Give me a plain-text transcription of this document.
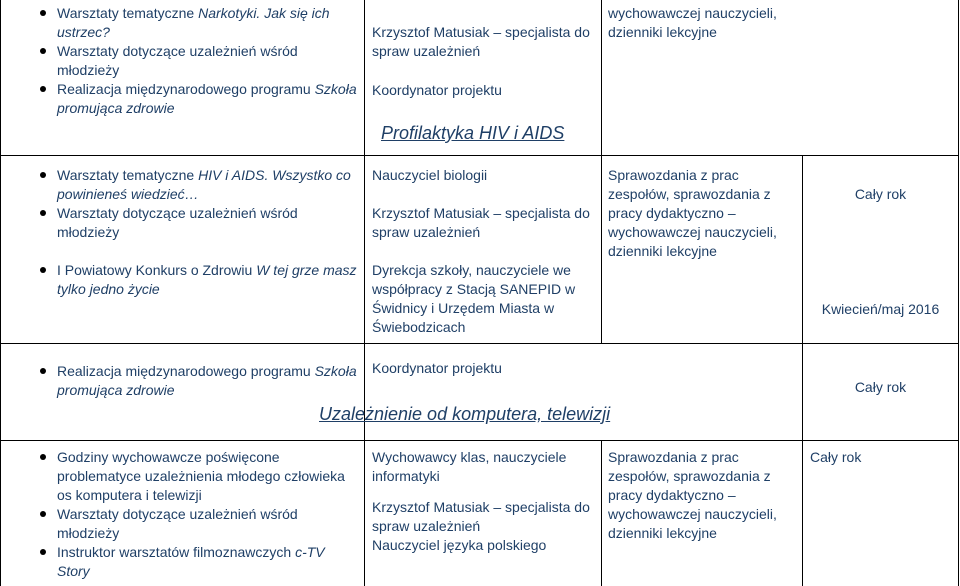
Warsztaty tematyczne Narkotyki. Jak się ich ustrzec?
Warsztaty dotyczące uzależnień wśród młodzieży
Realizacja międzynarodowego programu Szkoła promująca zdrowie

Krzysztof Matusiak – specjalista do spraw uzależnień

Koordynator projektu

wychowawczej nauczycieli, dzienniki lekcyjne

Profilaktyka HIV i AIDS
Warsztaty tematyczne HIV i AIDS. Wszystko co powinieneś wiedzieć…
Warsztaty dotyczące uzależnień wśród młodzieży
I Powiatowy Konkurs o Zdrowiu W tej grze masz tylko jedno życie

Nauczyciel biologii

Krzysztof Matusiak – specjalista do spraw uzależnień

Dyrekcja szkoły, nauczyciele we współpracy z Stacją SANEPID w Świdnicy i Urzędem Miasta w Świebodzicach

Sprawozdania z prac zespołów, sprawozdania z pracy dydaktyczno – wychowawczej nauczycieli, dzienniki lekcyjne

Cały rok

Kwiecień/maj 2016

Realizacja międzynarodowego programu Szkoła promująca zdrowie

Koordynator projektu

Cały rok

Uzależnienie od komputera, telewizji
Godziny wychowawcze poświęcone problematyce uzależnienia młodego człowieka os komputera i telewizji
Warsztaty dotyczące uzależnień wśród młodzieży
Instruktor warsztatów filmoznawczych c-TV Story

Wychowawcy klas, nauczyciele informatyki

Krzysztof Matusiak – specjalista do spraw uzależnień

Nauczyciel języka polskiego

Sprawozdania z prac zespołów, sprawozdania z pracy dydaktyczno – wychowawczej nauczycieli, dzienniki lekcyjne

Cały rok
